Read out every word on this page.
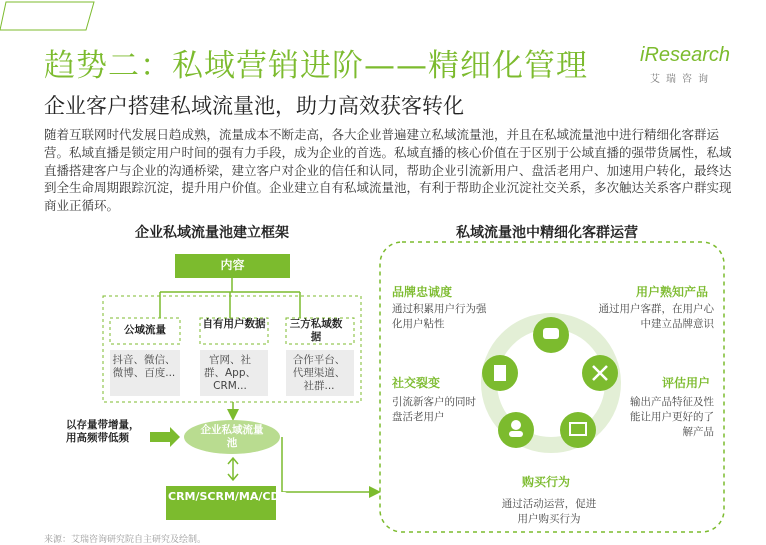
趋势二：私域营销进阶——精细化管理
企业客户搭建私域流量池，助力高效获客转化
iResearch
艾瑞咨询
随着互联网时代发展日趋成熟，流量成本不断走高，各大企业普遍建立私域流量池，并且在私域流量池中进行精细化客群运营。私域直播是锁定用户时间的强有力手段，成为企业的首选。私域直播的核心价值在于区别于公域直播的强带货属性，私域直播搭建客户与企业的沟通桥梁，建立客户对企业的信任和认同，帮助企业引流新用户、盘活老用户、加速用户转化，最终达到全生命周期跟踪沉淀，提升用户价值。企业建立自有私域流量池，有利于帮助企业沉淀社交关系，多次触达关系客户群实现商业正循环。
企业私域流量池建立框架	私域流量池中精细化客群运营
内容
公域流量	自有用户数据 三方私域数据
抖音、微信、微博、百度...
官网、社群、App、CRM...
合作平台、代理渠道、社群...
以存量带增量，用高频带低频
企业私域流量池
CRM/SCRM/MA/CDP
品牌忠诚度
通过积累用户行为强化用户粘性
用户熟知产品
通过用户客群，在用户心中建立品牌意识
社交裂变
引流新客户的同时盘活老用户
评估用户
输出产品特征及性能让用户更好的了解产品
购买行为
通过活动运营，促进用户购买行为
来源：艾瑞咨询研究院自主研究及绘制。
